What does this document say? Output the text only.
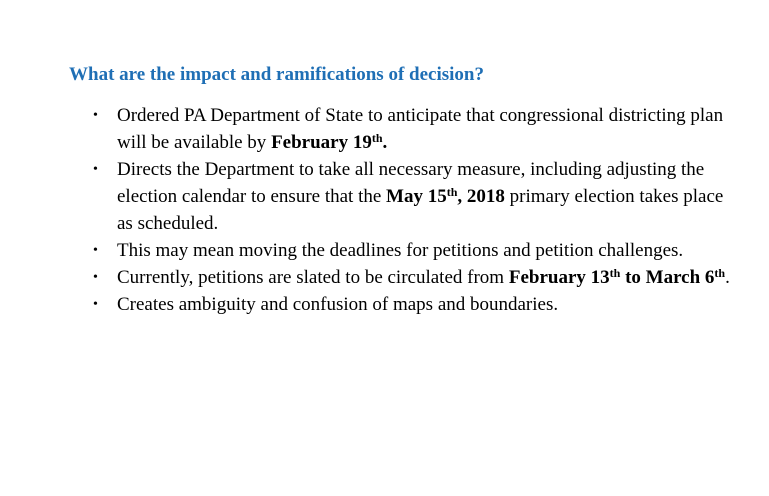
What are the impact and ramifications of decision?
• Ordered PA Department of State to anticipate that congressional districting plan will be available by February 19th.
• Directs the Department to take all necessary measure, including adjusting the election calendar to ensure that the May 15th, 2018 primary election takes place as scheduled.
• This may mean moving the deadlines for petitions and petition challenges.
• Currently, petitions are slated to be circulated from February 13th to March 6th.
• Creates ambiguity and confusion of maps and boundaries.
